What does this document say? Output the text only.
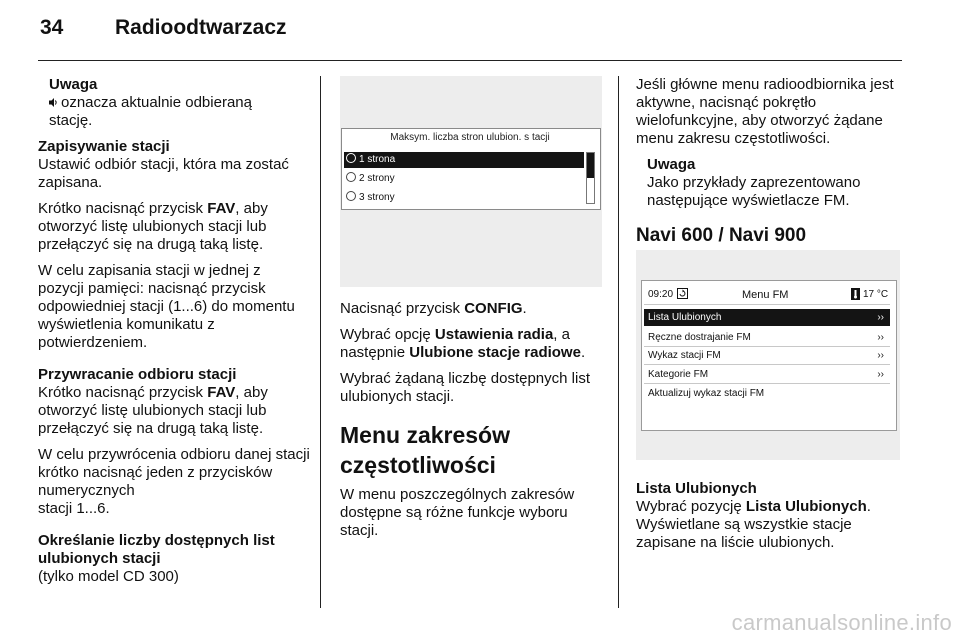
34 Radioodtwarzacz

Uwaga

oznacza aktualnie odbieraną
stację.

Zapisywanie stacji

Ustawić odbiór stacji, która ma zostać zapisana.

Krótko nacisnąć przycisk FAV, aby otworzyć listę ulubionych stacji lub przełączyć się na drugą taką listę.

W celu zapisania stacji w jednej z pozycji pamięci: nacisnąć przycisk odpowiedniej stacji (1...6) do momentu wyświetlenia komunikatu z potwierdzeniem.

Przywracanie odbioru stacji

Krótko nacisnąć przycisk FAV, aby otworzyć listę ulubionych stacji lub przełączyć się na drugą taką listę.

W celu przywrócenia odbioru danej stacji krótko nacisnąć jeden z przycisków numerycznych
stacji 1...6.

Określanie liczby dostępnych list ulubionych stacji

(tylko model CD 300)

Maksym. liczba stron ulubion. s tacji
1 strona
2 strony
3 strony

Nacisnąć przycisk CONFIG.

Wybrać opcję Ustawienia radia, a następnie Ulubione stacje radiowe.

Wybrać żądaną liczbę dostępnych list ulubionych stacji.

Menu zakresów częstotliwości

W menu poszczególnych zakresów dostępne są różne funkcje wyboru stacji.

Jeśli główne menu radioodbiornika jest aktywne, nacisnąć pokrętło wielofunkcyjne, aby otworzyć żądane menu zakresu częstotliwości.

Uwaga

Jako przykłady zaprezentowano następujące wyświetlacze FM.

Navi 600 / Navi 900

09:20	Menu FM	17 °C
Lista Ulubionych	››
Ręczne dostrajanie FM	››
Wykaz stacji FM	››
Kategorie FM	››
Aktualizuj wykaz stacji FM

Lista Ulubionych

Wybrać pozycję Lista Ulubionych.

Wyświetlane są wszystkie stacje zapisane na liście ulubionych.

carmanualsonline.info
